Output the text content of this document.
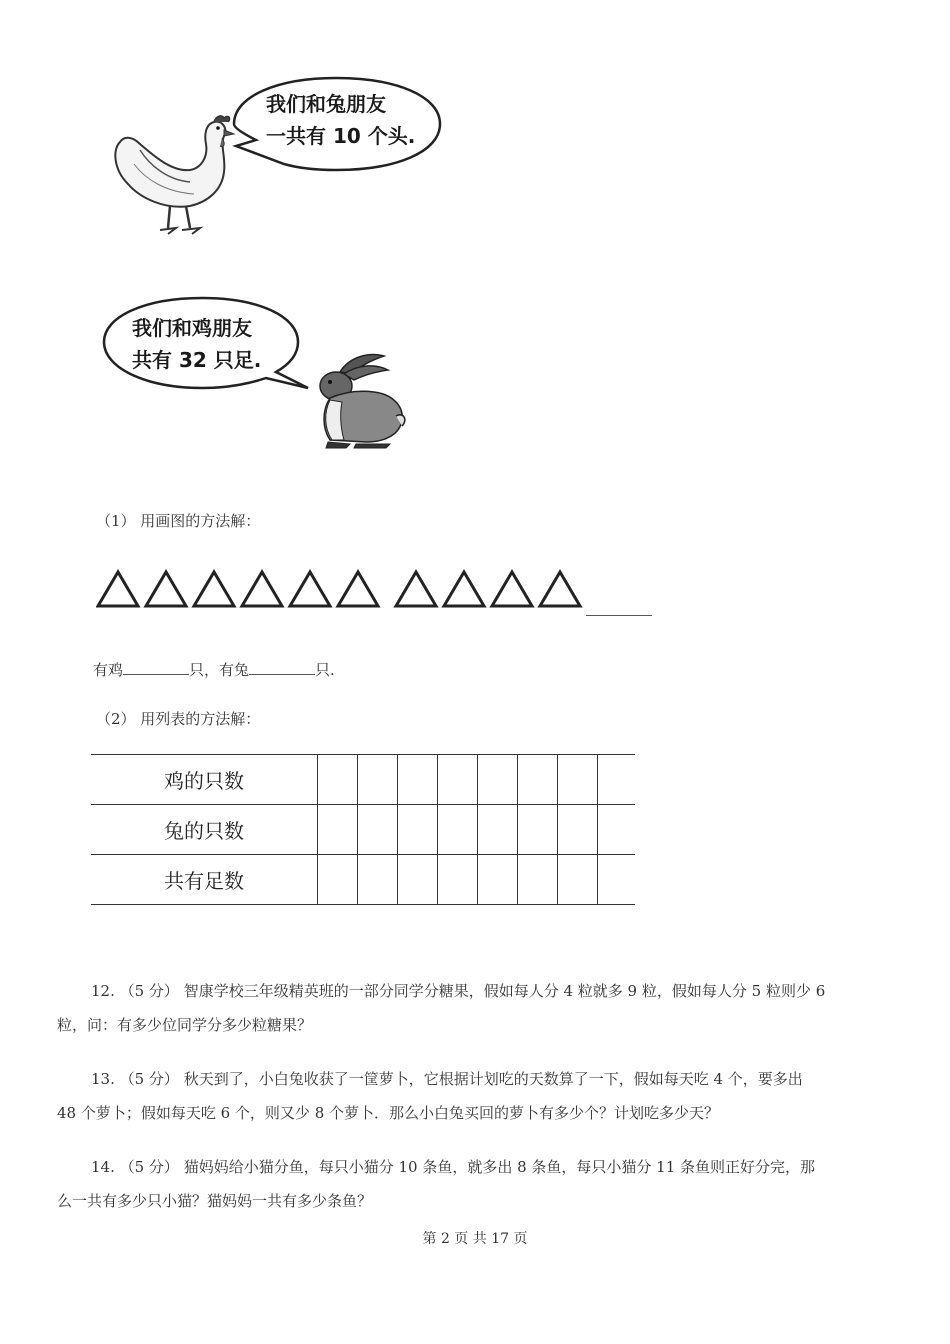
我们和兔朋友
一共有 10 个头.
我们和鸡朋友
共有 32 只足.
（1） 用画图的方法解：
有鸡	只，有兔	只.
（2） 用列表的方法解：
鸡的只数								
兔的只数								
共有足数								
12. （5 分） 智康学校三年级精英班的一部分同学分糖果，假如每人分 4 粒就多 9 粒，假如每人分 5 粒则少 6
粒，问：有多少位同学分多少粒糖果？
13. （5 分） 秋天到了，小白兔收获了一筐萝卜，它根据计划吃的天数算了一下，假如每天吃 4 个，要多出
48 个萝卜；假如每天吃 6 个，则又少 8 个萝卜．那么小白兔买回的萝卜有多少个？计划吃多少天？
14. （5 分） 猫妈妈给小猫分鱼，每只小猫分 10 条鱼，就多出 8 条鱼，每只小猫分 11 条鱼则正好分完，那
么一共有多少只小猫？猫妈妈一共有多少条鱼？
第 2 页 共 17 页
